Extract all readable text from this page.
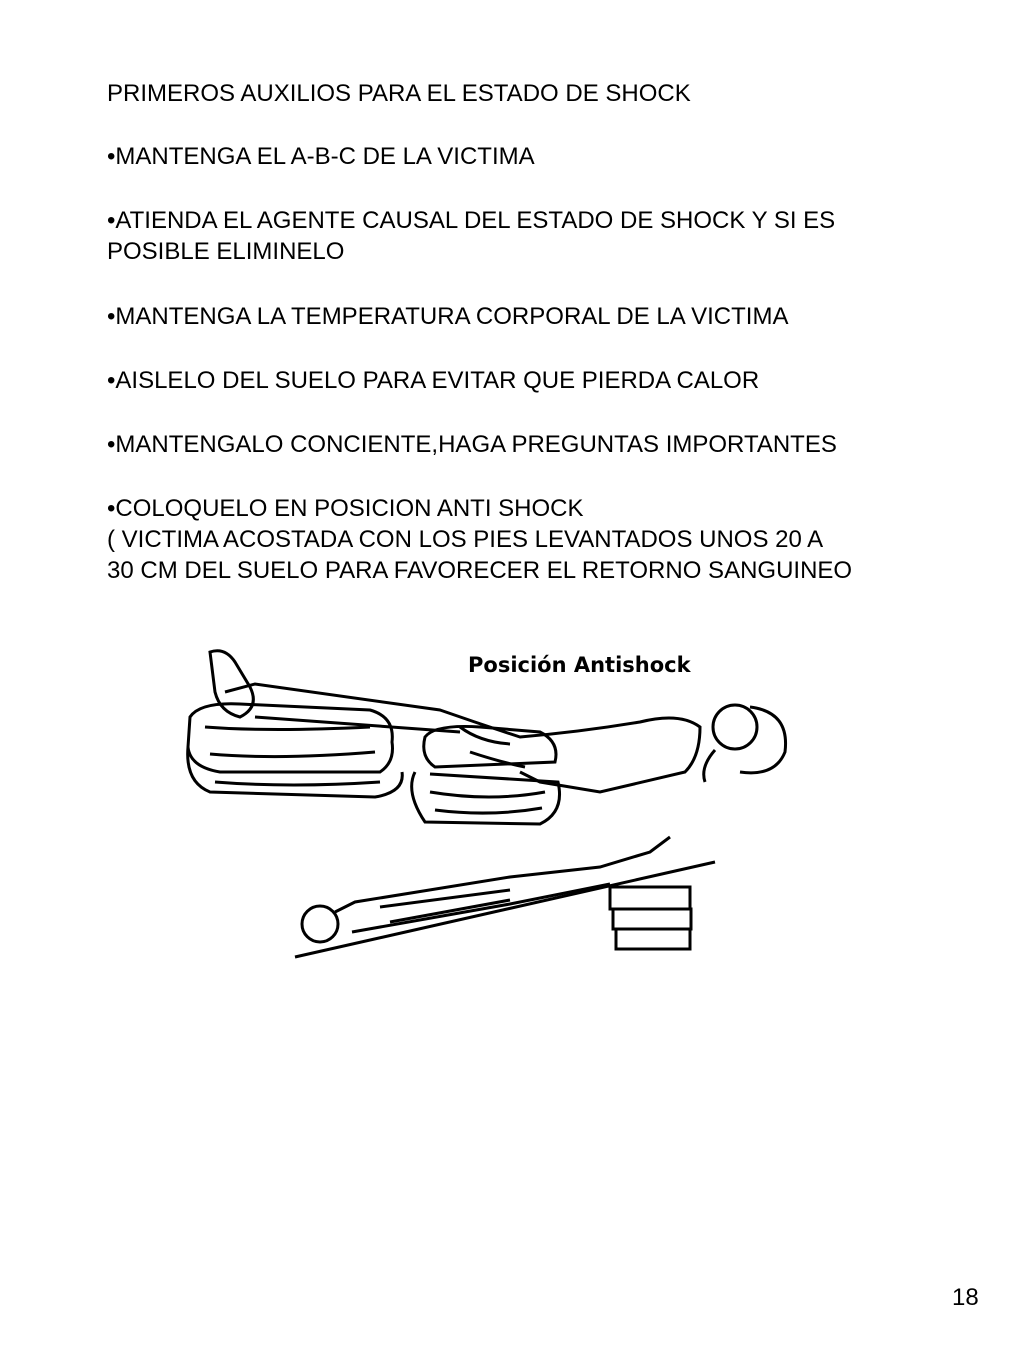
PRIMEROS AUXILIOS PARA EL ESTADO DE SHOCK

•MANTENGA EL A-B-C DE LA VICTIMA

•ATIENDA EL AGENTE CAUSAL DEL ESTADO DE SHOCK Y SI ES
POSIBLE ELIMINELO

•MANTENGA LA TEMPERATURA CORPORAL DE LA VICTIMA

•AISLELO DEL SUELO PARA EVITAR QUE PIERDA CALOR

•MANTENGALO CONCIENTE,HAGA PREGUNTAS IMPORTANTES

•COLOQUELO EN POSICION ANTI SHOCK
( VICTIMA ACOSTADA CON LOS PIES LEVANTADOS UNOS 20 A
30 CM DEL SUELO PARA FAVORECER EL RETORNO SANGUINEO

Posición Antishock
18
